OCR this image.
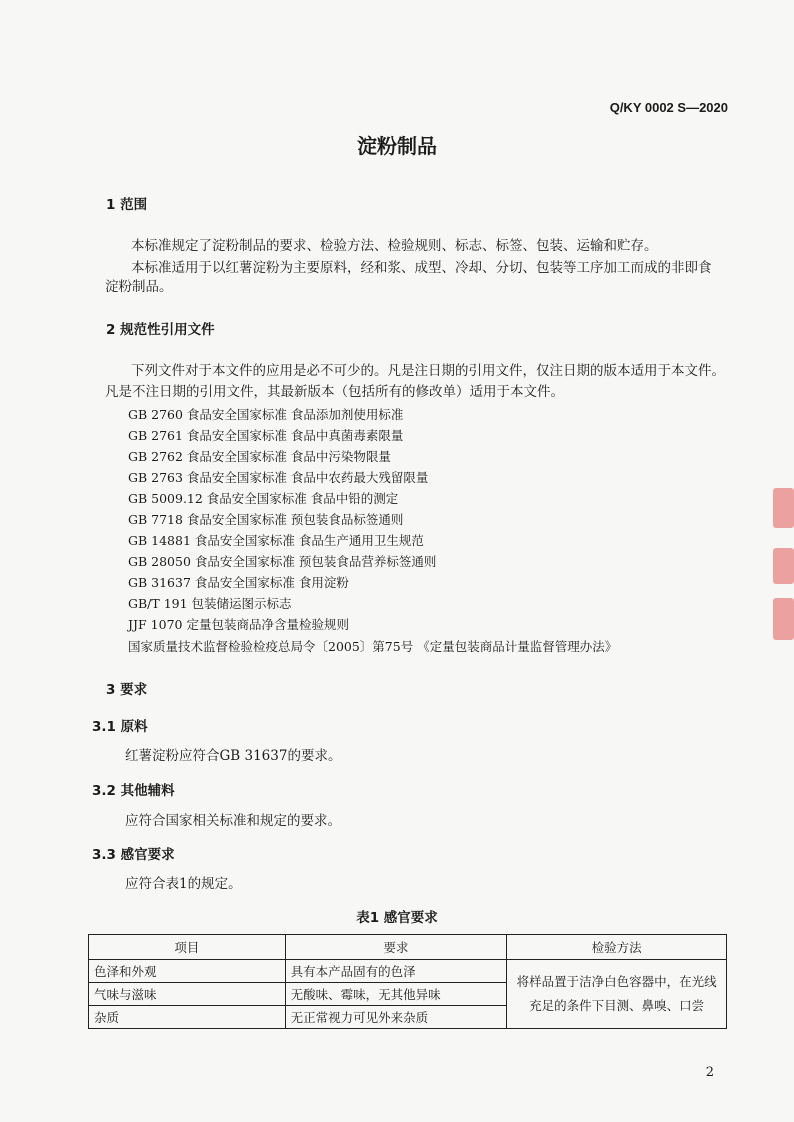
Q/KY 0002 S—2020
淀粉制品
1 范围
本标准规定了淀粉制品的要求、检验方法、检验规则、标志、标签、包装、运输和贮存。
本标准适用于以红薯淀粉为主要原料，经和浆、成型、冷却、分切、包装等工序加工而成的非即食
淀粉制品。
2 规范性引用文件
下列文件对于本文件的应用是必不可少的。凡是注日期的引用文件，仅注日期的版本适用于本文件。
凡是不注日期的引用文件，其最新版本（包括所有的修改单）适用于本文件。
GB 2760 食品安全国家标准 食品添加剂使用标准
GB 2761 食品安全国家标准 食品中真菌毒素限量
GB 2762 食品安全国家标准 食品中污染物限量
GB 2763 食品安全国家标准 食品中农药最大残留限量
GB 5009.12 食品安全国家标准 食品中铅的测定
GB 7718 食品安全国家标准 预包装食品标签通则
GB 14881 食品安全国家标准 食品生产通用卫生规范
GB 28050 食品安全国家标准 预包装食品营养标签通则
GB 31637 食品安全国家标准 食用淀粉
GB/T 191 包装储运图示标志
JJF 1070 定量包装商品净含量检验规则
国家质量技术监督检验检疫总局令〔2005〕第75号 《定量包装商品计量监督管理办法》
3 要求
3.1 原料
红薯淀粉应符合GB 31637的要求。
3.2 其他辅料
应符合国家相关标准和规定的要求。
3.3 感官要求
应符合表1的规定。
表1 感官要求
项目	要求	检验方法
色泽和外观	具有本产品固有的色泽	将样品置于洁净白色容器中，在光线充足的条件下目测、鼻嗅、口尝
气味与滋味	无酸味、霉味，无其他异味	
杂质	无正常视力可见外来杂质	
2
